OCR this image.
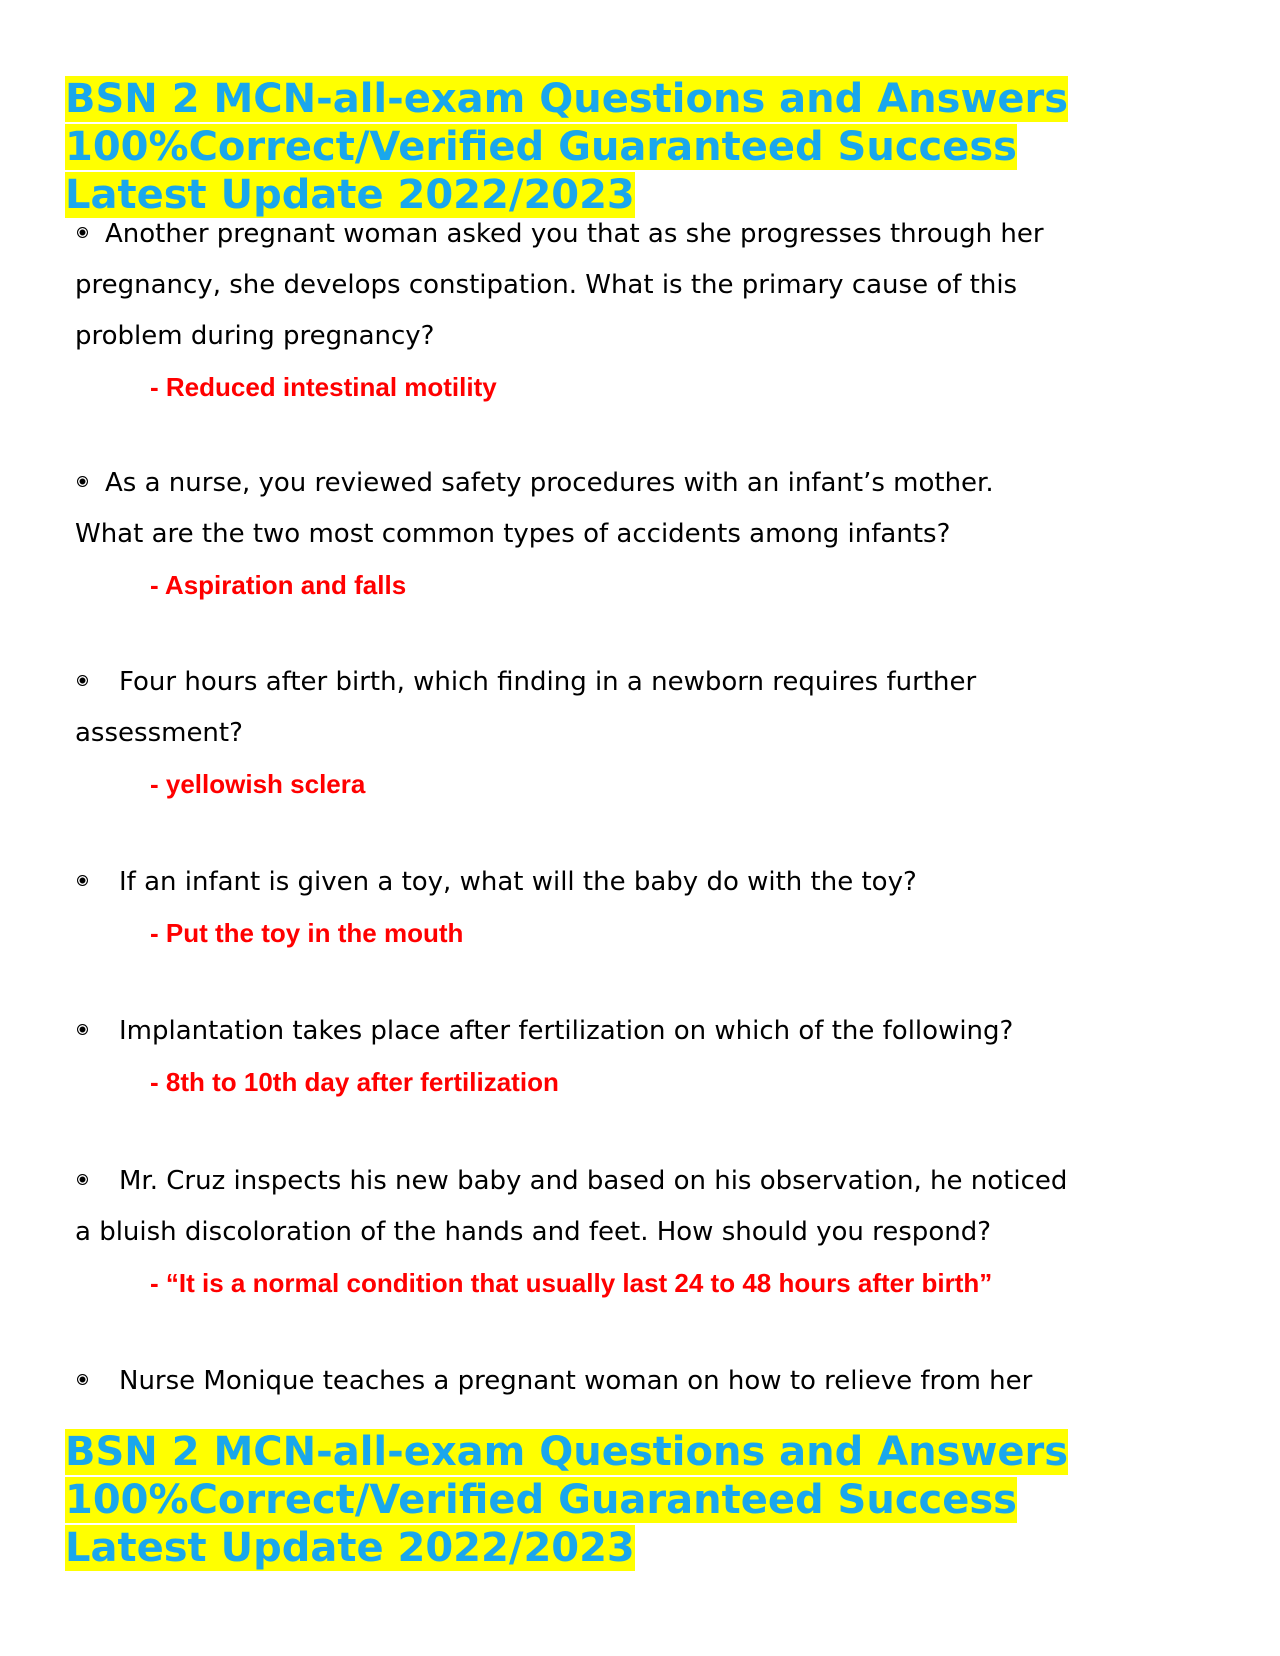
BSN 2 MCN-all-exam Questions and Answers
100%Correct/Verified Guaranteed Success
Latest Update 2022/2023

Another pregnant woman asked you that as she progresses through her

pregnancy, she develops constipation. What is the primary cause of this

problem during pregnancy?

- Reduced intestinal motility

As a nurse, you reviewed safety procedures with an infant’s mother.

What are the two most common types of accidents among infants?

- Aspiration and falls

Four hours after birth, which finding in a newborn requires further

assessment?

- yellowish sclera

If an infant is given a toy, what will the baby do with the toy?

- Put the toy in the mouth

Implantation takes place after fertilization on which of the following?

- 8th to 10th day after fertilization

Mr. Cruz inspects his new baby and based on his observation, he noticed

a bluish discoloration of the hands and feet. How should you respond?

- “It is a normal condition that usually last 24 to 48 hours after birth”

Nurse Monique teaches a pregnant woman on how to relieve from her

BSN 2 MCN-all-exam Questions and Answers
100%Correct/Verified Guaranteed Success
Latest Update 2022/2023
